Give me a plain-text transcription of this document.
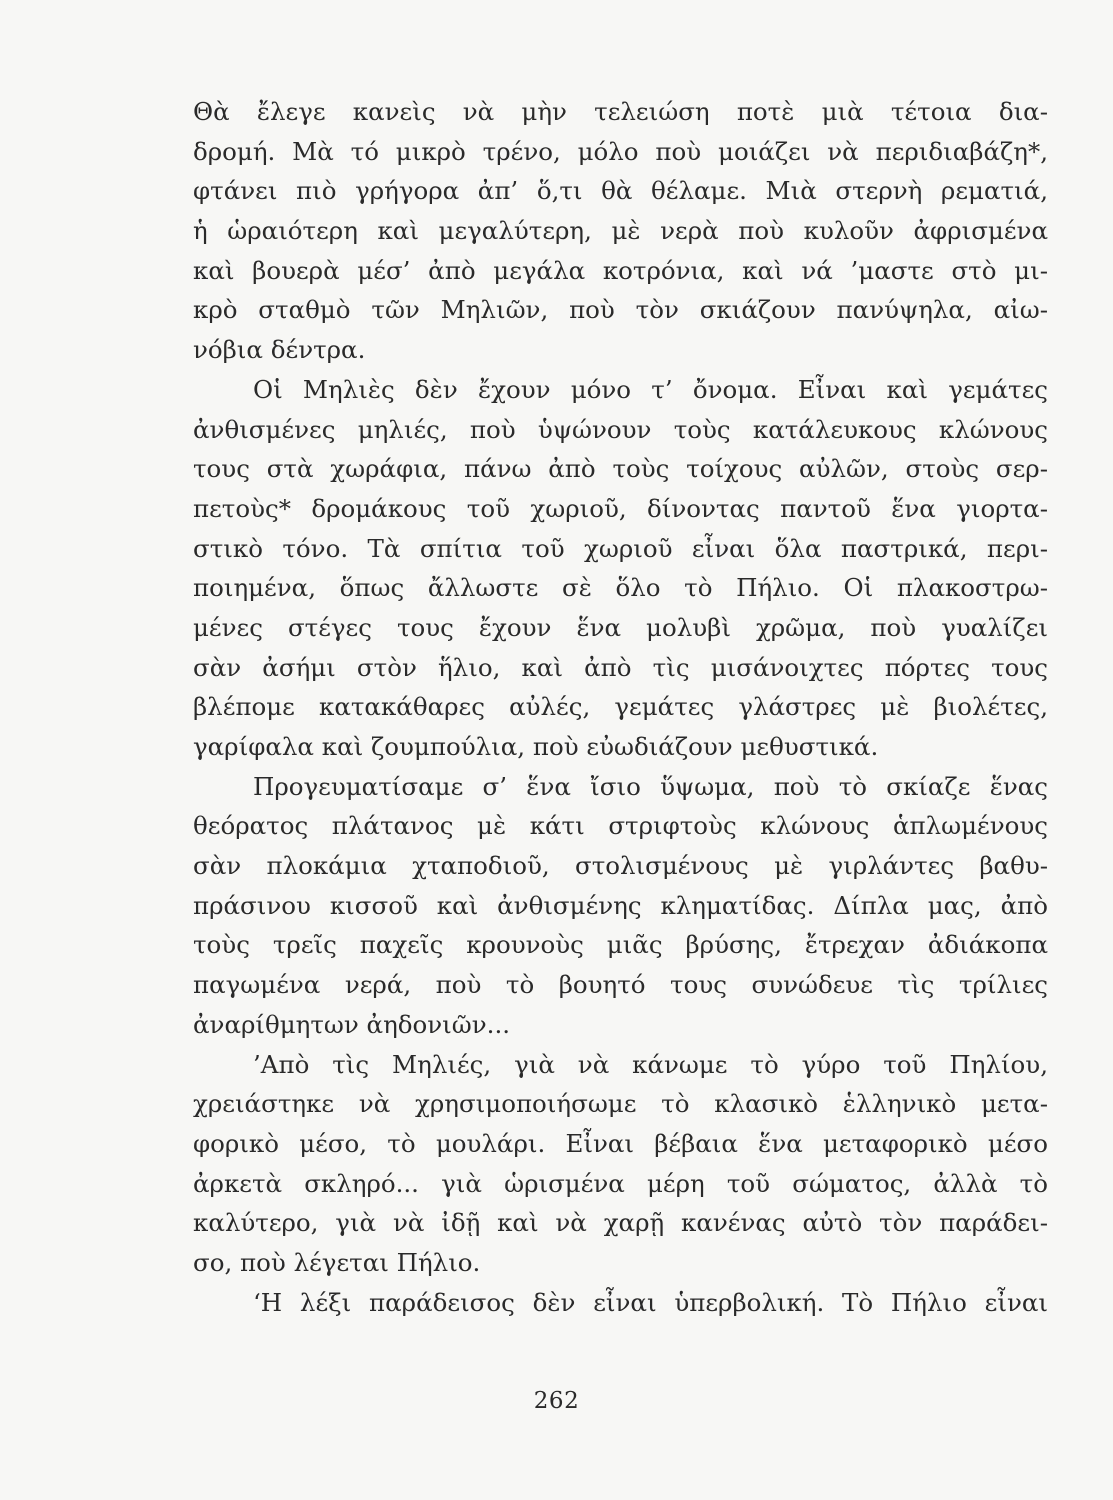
Θὰ ἔλεγε κανεὶς νὰ μὴν τελειώση ποτὲ μιὰ τέτοια δια-
δρομή. Μὰ τό μικρὸ τρένο, μόλο ποὺ μοιάζει νὰ περιδιαβάζη*,
φτάνει πιὸ γρήγορα ἀπ’ ὅ,τι θὰ θέλαμε. Μιὰ στερνὴ ρεματιά,
ἡ ὡραιότερη καὶ μεγαλύτερη, μὲ νερὰ ποὺ κυλοῦν ἀφρισμένα
καὶ βουερὰ μέσ’ ἀπὸ μεγάλα κοτρόνια, καὶ νά ’μαστε στὸ μι-
κρὸ σταθμὸ τῶν Μηλιῶν, ποὺ τὸν σκιάζουν πανύψηλα, αἰω-
νόβια δέντρα.
Οἱ Μηλιὲς δὲν ἔχουν μόνο τ’ ὄνομα. Εἶναι καὶ γεμάτες
ἀνθισμένες μηλιές, ποὺ ὑψώνουν τοὺς κατάλευκους κλώνους
τους στὰ χωράφια, πάνω ἀπὸ τοὺς τοίχους αὐλῶν, στοὺς σερ-
πετοὺς* δρομάκους τοῦ χωριοῦ, δίνοντας παντοῦ ἕνα γιορτα-
στικὸ τόνο. Τὰ σπίτια τοῦ χωριοῦ εἶναι ὅλα παστρικά, περι-
ποιημένα, ὅπως ἄλλωστε σὲ ὅλο τὸ Πήλιο. Οἱ πλακοστρω-
μένες στέγες τους ἔχουν ἕνα μολυβὶ χρῶμα, ποὺ γυαλίζει
σὰν ἀσήμι στὸν ἥλιο, καὶ ἀπὸ τὶς μισάνοιχτες πόρτες τους
βλέπομε κατακάθαρες αὐλές, γεμάτες γλάστρες μὲ βιολέτες,
γαρίφαλα καὶ ζουμπούλια, ποὺ εὐωδιάζουν μεθυστικά.
Προγευματίσαμε σ’ ἕνα ἴσιο ὕψωμα, ποὺ τὸ σκίαζε ἕνας
θεόρατος πλάτανος μὲ κάτι στριφτοὺς κλώνους ἁπλωμένους
σὰν πλοκάμια χταποδιοῦ, στολισμένους μὲ γιρλάντες βαθυ-
πράσινου κισσοῦ καὶ ἀνθισμένης κληματίδας. Δίπλα μας, ἀπὸ
τοὺς τρεῖς παχεῖς κρουνοὺς μιᾶς βρύσης, ἔτρεχαν ἀδιάκοπα
παγωμένα νερά, ποὺ τὸ βουητό τους συνώδευε τὶς τρίλιες
ἀναρίθμητων ἀηδονιῶν...
’Απὸ τὶς Μηλιές, γιὰ νὰ κάνωμε τὸ γύρο τοῦ Πηλίου,
χρειάστηκε νὰ χρησιμοποιήσωμε τὸ κλασικὸ ἑλληνικὸ μετα-
φορικὸ μέσο, τὸ μουλάρι. Εἶναι βέβαια ἕνα μεταφορικὸ μέσο
ἀρκετὰ σκληρό... γιὰ ὡρισμένα μέρη τοῦ σώματος, ἀλλὰ τὸ
καλύτερο, γιὰ νὰ ἰδῇ καὶ νὰ χαρῇ κανένας αὐτὸ τὸν παράδει-
σο, ποὺ λέγεται Πήλιο.
‘Η λέξι παράδεισος δὲν εἶναι ὑπερβολική. Τὸ Πήλιο εἶναι
262
